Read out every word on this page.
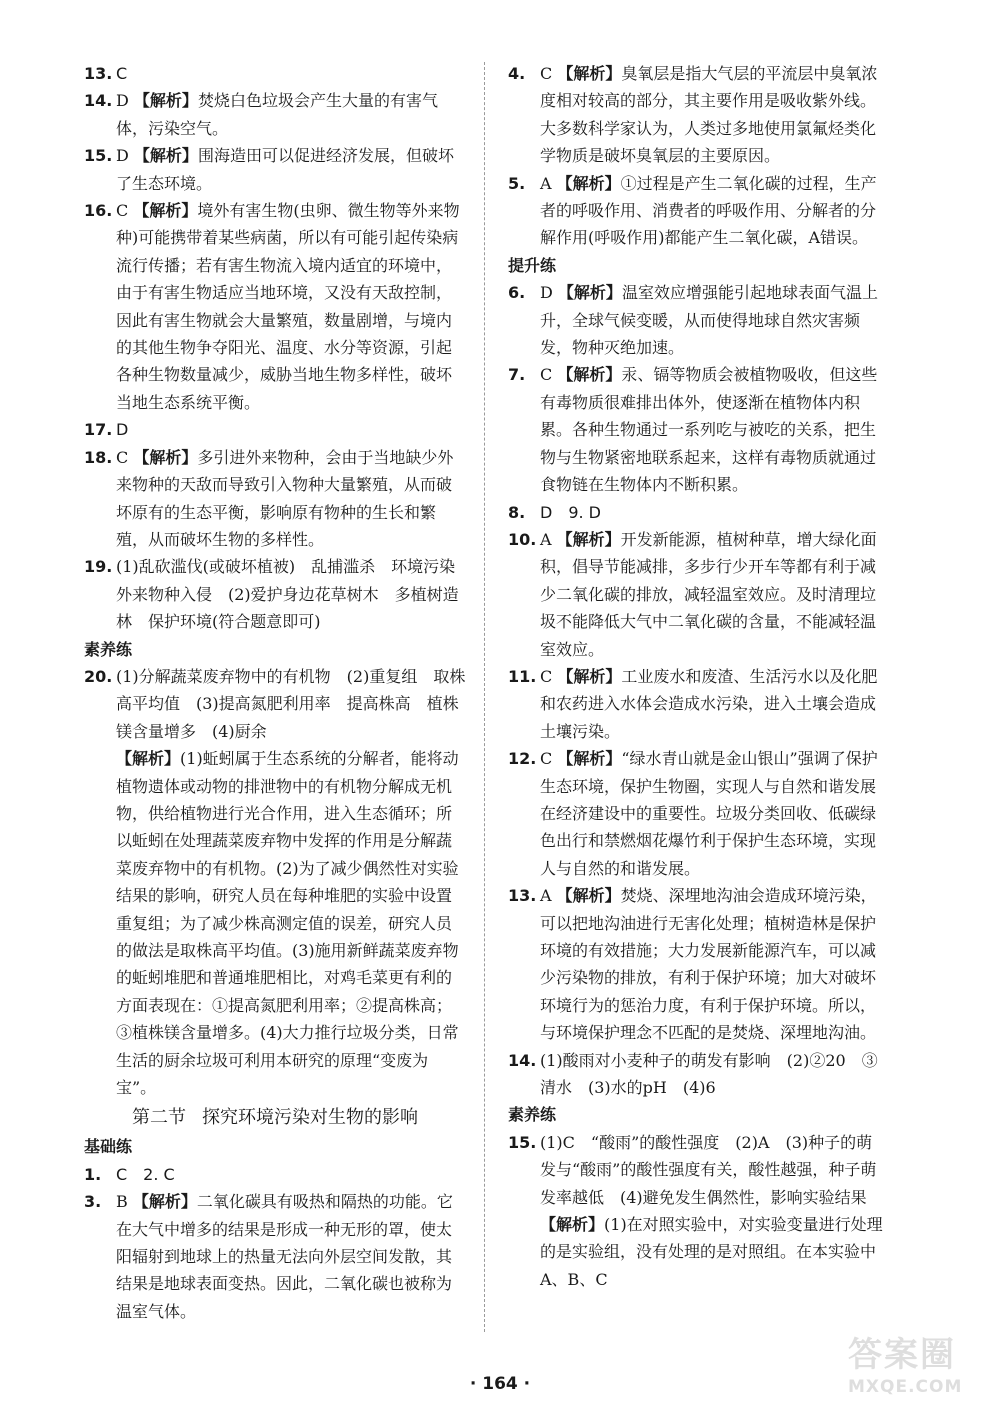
13. C

14. D 【解析】焚烧白色垃圾会产生大量的有害气体，污染空气。

15. D 【解析】围海造田可以促进经济发展，但破坏了生态环境。

16. C 【解析】境外有害生物(虫卵、微生物等外来物种)可能携带着某些病菌，所以有可能引起传染病流行传播；若有害生物流入境内适宜的环境中，由于有害生物适应当地环境，又没有天敌控制，因此有害生物就会大量繁殖，数量剧增，与境内的其他生物争夺阳光、温度、水分等资源，引起各种生物数量减少，威胁当地生物多样性，破坏当地生态系统平衡。

17. D

18. C 【解析】多引进外来物种，会由于当地缺少外来物种的天敌而导致引入物种大量繁殖，从而破坏原有的生态平衡，影响原有物种的生长和繁殖，从而破坏生物的多样性。

19. (1)乱砍滥伐(或破坏植被)　乱捕滥杀　环境污染　外来物种入侵　(2)爱护身边花草树木　多植树造林　保护环境(符合题意即可)

素养练

20. (1)分解蔬菜废弃物中的有机物　(2)重复组　取株高平均值　(3)提高氮肥利用率　提高株高　植株镁含量增多　(4)厨余

【解析】(1)蚯蚓属于生态系统的分解者，能将动植物遗体或动物的排泄物中的有机物分解成无机物，供给植物进行光合作用，进入生态循环；所以蚯蚓在处理蔬菜废弃物中发挥的作用是分解蔬菜废弃物中的有机物。(2)为了减少偶然性对实验结果的影响，研究人员在每种堆肥的实验中设置重复组；为了减少株高测定值的误差，研究人员的做法是取株高平均值。(3)施用新鲜蔬菜废弃物的蚯蚓堆肥和普通堆肥相比，对鸡毛菜更有利的方面表现在：①提高氮肥利用率；②提高株高；③植株镁含量增多。(4)大力推行垃圾分类，日常生活的厨余垃圾可利用本研究的原理“变废为宝”。

第二节 探究环境污染对生物的影响

基础练

1. C　2. C

3. B 【解析】二氧化碳具有吸热和隔热的功能。它在大气中增多的结果是形成一种无形的罩，使太阳辐射到地球上的热量无法向外层空间发散，其结果是地球表面变热。因此，二氧化碳也被称为温室气体。

4. C 【解析】臭氧层是指大气层的平流层中臭氧浓度相对较高的部分，其主要作用是吸收紫外线。大多数科学家认为，人类过多地使用氯氟烃类化学物质是破坏臭氧层的主要原因。

5. A 【解析】①过程是产生二氧化碳的过程，生产者的呼吸作用、消费者的呼吸作用、分解者的分解作用(呼吸作用)都能产生二氧化碳，A错误。

提升练

6. D 【解析】温室效应增强能引起地球表面气温上升，全球气候变暖，从而使得地球自然灾害频发，物种灭绝加速。

7. C 【解析】汞、镉等物质会被植物吸收，但这些有毒物质很难排出体外，使逐渐在植物体内积累。各种生物通过一系列吃与被吃的关系，把生物与生物紧密地联系起来，这样有毒物质就通过食物链在生物体内不断积累。

8. D　9. D

10. A 【解析】开发新能源，植树种草，增大绿化面积，倡导节能减排，多步行少开车等都有利于减少二氧化碳的排放，减轻温室效应。及时清理垃圾不能降低大气中二氧化碳的含量，不能减轻温室效应。

11. C 【解析】工业废水和废渣、生活污水以及化肥和农药进入水体会造成水污染，进入土壤会造成土壤污染。

12. C 【解析】“绿水青山就是金山银山”强调了保护生态环境，保护生物圈，实现人与自然和谐发展在经济建设中的重要性。垃圾分类回收、低碳绿色出行和禁燃烟花爆竹利于保护生态环境，实现人与自然的和谐发展。

13. A 【解析】焚烧、深埋地沟油会造成环境污染，可以把地沟油进行无害化处理；植树造林是保护环境的有效措施；大力发展新能源汽车，可以减少污染物的排放，有利于保护环境；加大对破坏环境行为的惩治力度，有利于保护环境。所以，与环境保护理念不匹配的是焚烧、深埋地沟油。

14. (1)酸雨对小麦种子的萌发有影响　(2)②20　③清水　(3)水的pH　(4)6

素养练

15. (1)C　“酸雨”的酸性强度　(2)A　(3)种子的萌发与“酸雨”的酸性强度有关，酸性越强，种子萌发率越低　(4)避免发生偶然性，影响实验结果

【解析】(1)在对照实验中，对实验变量进行处理的是实验组，没有处理的是对照组。在本实验中A、B、C

· 164 ·
答案圈
MXQE.COM
